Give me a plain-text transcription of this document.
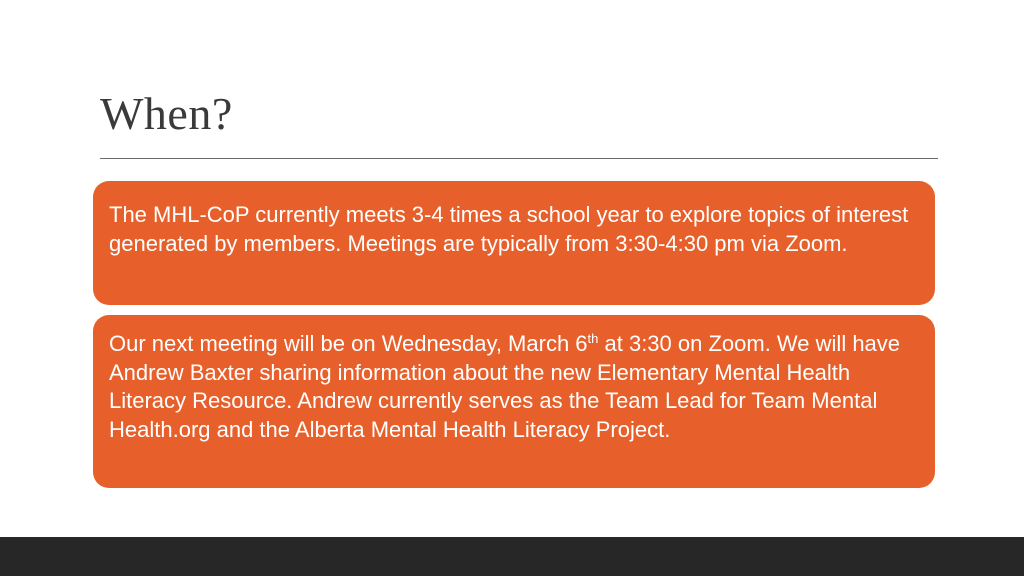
When?

The MHL-CoP currently meets 3-4 times a school year to explore topics of interest generated by members. Meetings are typically from 3:30-4:30 pm via Zoom.

Our next meeting will be on Wednesday, March 6th at 3:30 on Zoom. We will have Andrew Baxter sharing information about the new Elementary Mental Health Literacy Resource. Andrew currently serves as the Team Lead for Team Mental Health.org and the Alberta Mental Health Literacy Project.
